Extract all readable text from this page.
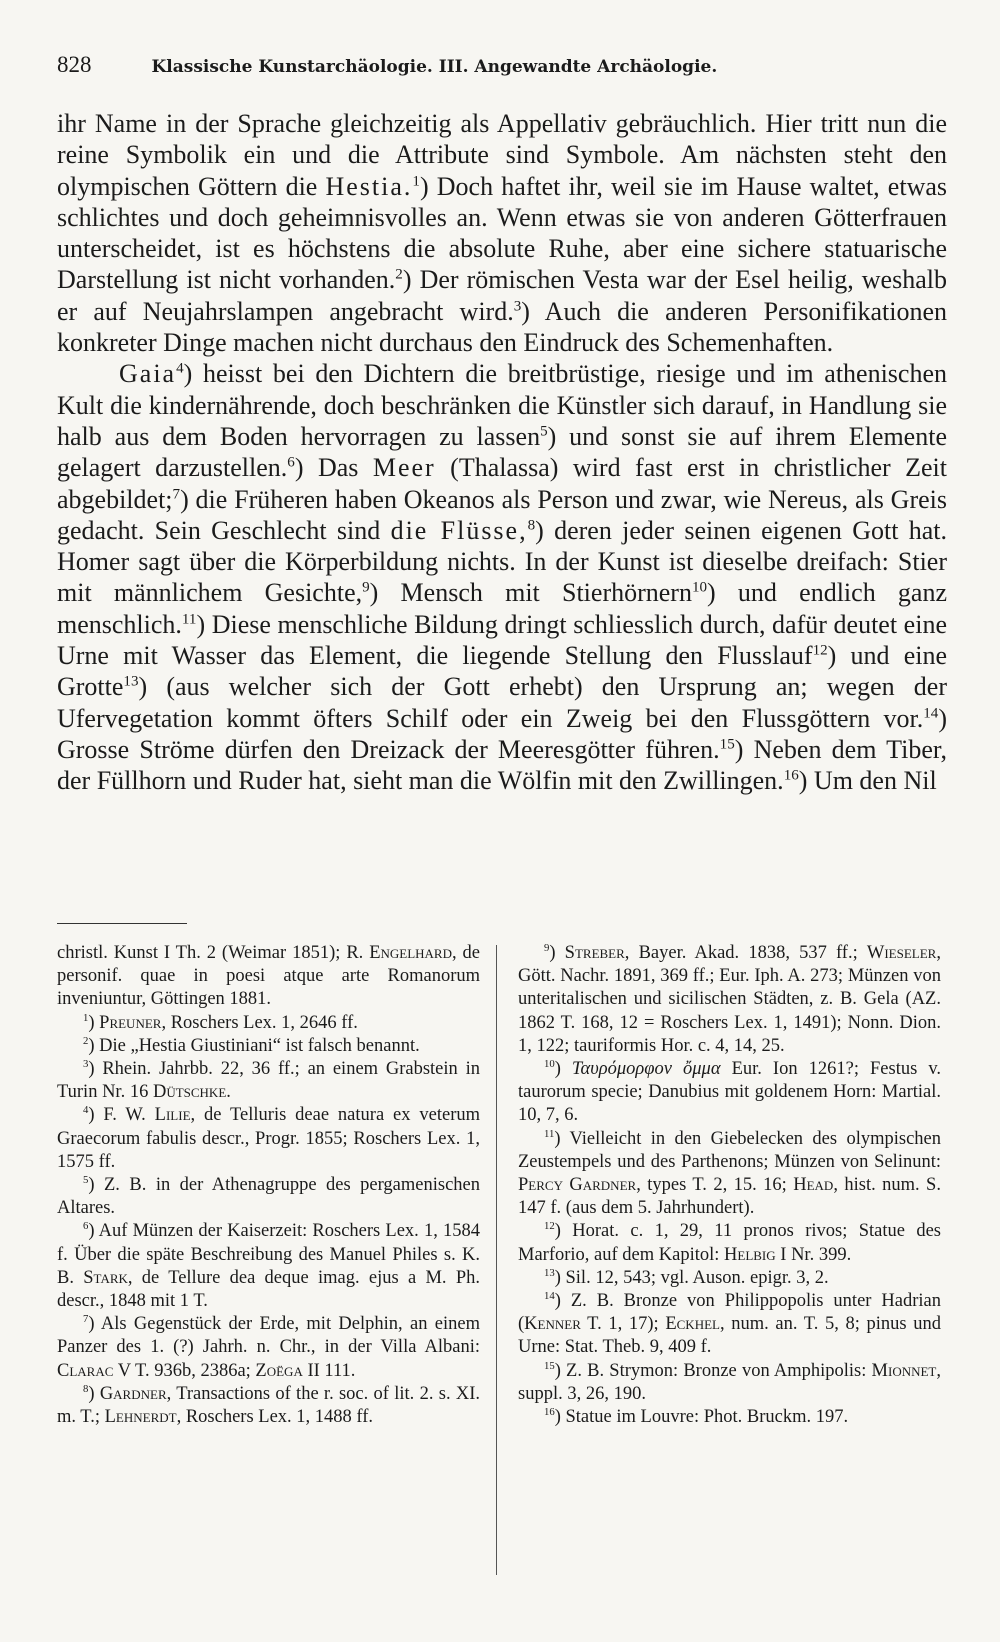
828	Klassische Kunstarchäologie. III. Angewandte Archäologie.

ihr Name in der Sprache gleichzeitig als Appellativ gebräuchlich. Hier tritt nun die reine Symbolik ein und die Attribute sind Symbole. Am nächsten steht den olympischen Göttern die Hestia.$^1$) Doch haftet ihr, weil sie im Hause waltet, etwas schlichtes und doch geheimnisvolles an. Wenn etwas sie von anderen Götterfrauen unterscheidet, ist es höchstens die absolute Ruhe, aber eine sichere statuarische Darstellung ist nicht vorhanden.$^2$) Der römischen Vesta war der Esel heilig, weshalb er auf Neujahrslampen angebracht wird.$^3$) Auch die anderen Personifikationen konkreter Dinge machen nicht durchaus den Eindruck des Schemenhaften.

Gaia$^4$) heisst bei den Dichtern die breitbrüstige, riesige und im athenischen Kult die kindernährende, doch beschränken die Künstler sich darauf, in Handlung sie halb aus dem Boden hervorragen zu lassen$^5$) und sonst sie auf ihrem Elemente gelagert darzustellen.$^6$) Das Meer (Thalassa) wird fast erst in christlicher Zeit abgebildet;$^7$) die Früheren haben Okeanos als Person und zwar, wie Nereus, als Greis gedacht. Sein Geschlecht sind die Flüsse,$^8$) deren jeder seinen eigenen Gott hat. Homer sagt über die Körperbildung nichts. In der Kunst ist dieselbe dreifach: Stier mit männlichem Gesichte,$^9$) Mensch mit Stierhörnern$^{10}$) und endlich ganz menschlich.$^{11}$) Diese menschliche Bildung dringt schliesslich durch, dafür deutet eine Urne mit Wasser das Element, die liegende Stellung den Flusslauf$^{12}$) und eine Grotte$^{13}$) (aus welcher sich der Gott erhebt) den Ursprung an; wegen der Ufervegetation kommt öfters Schilf oder ein Zweig bei den Flussgöttern vor.$^{14}$) Grosse Ströme dürfen den Dreizack der Meeresgötter führen.$^{15}$) Neben dem Tiber, der Füllhorn und Ruder hat, sieht man die Wölfin mit den Zwillingen.$^{16}$) Um den Nil

christl. Kunst I Th. 2 (Weimar 1851); R. Engelhard, de personif. quae in poesi atque arte Romanorum inveniuntur, Göttingen 1881.

$^1$) Preuner, Roschers Lex. 1, 2646 ff.

$^2$) Die „Hestia Giustiniani“ ist falsch benannt.

$^3$) Rhein. Jahrbb. 22, 36 ff.; an einem Grabstein in Turin Nr. 16 Dütschke.

$^4$) F. W. Lilie, de Telluris deae natura ex veterum Graecorum fabulis descr., Progr. 1855; Roschers Lex. 1, 1575 ff.

$^5$) Z. B. in der Athenagruppe des pergamenischen Altares.

$^6$) Auf Münzen der Kaiserzeit: Roschers Lex. 1, 1584 f. Über die späte Beschreibung des Manuel Philes s. K. B. Stark, de Tellure dea deque imag. ejus a M. Ph. descr., 1848 mit 1 T.

$^7$) Als Gegenstück der Erde, mit Delphin, an einem Panzer des 1. (?) Jahrh. n. Chr., in der Villa Albani: Clarac V T. 936b, 2386a; Zoëga II 111.

$^8$) Gardner, Transactions of the r. soc. of lit. 2. s. XI. m. T.; Lehnerdt, Roschers Lex. 1, 1488 ff.

$^9$) Streber, Bayer. Akad. 1838, 537 ff.; Wieseler, Gött. Nachr. 1891, 369 ff.; Eur. Iph. A. 273; Münzen von unteritalischen und sicilischen Städten, z. B. Gela (AZ. 1862 T. 168, 12 = Roschers Lex. 1, 1491); Nonn. Dion. 1, 122; tauriformis Hor. c. 4, 14, 25.

$^{10}$) Ταυρόμορφον ὄμμα Eur. Ion 1261?; Festus v. taurorum specie; Danubius mit goldenem Horn: Martial. 10, 7, 6.

$^{11}$) Vielleicht in den Giebelecken des olympischen Zeustempels und des Parthenons; Münzen von Selinunt: Percy Gardner, types T. 2, 15. 16; Head, hist. num. S. 147 f. (aus dem 5. Jahrhundert).

$^{12}$) Horat. c. 1, 29, 11 pronos rivos; Statue des Marforio, auf dem Kapitol: Helbig I Nr. 399.

$^{13}$) Sil. 12, 543; vgl. Auson. epigr. 3, 2.

$^{14}$) Z. B. Bronze von Philippopolis unter Hadrian (Kenner T. 1, 17); Eckhel, num. an. T. 5, 8; pinus und Urne: Stat. Theb. 9, 409 f.

$^{15}$) Z. B. Strymon: Bronze von Amphipolis: Mionnet, suppl. 3, 26, 190.

$^{16}$) Statue im Louvre: Phot. Bruckm. 197.
